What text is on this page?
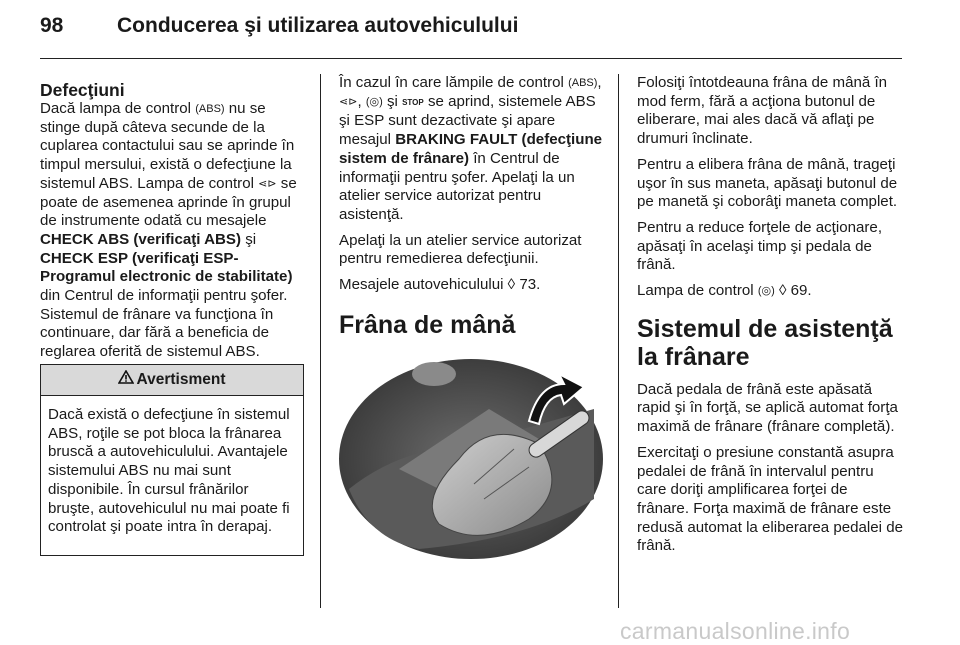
98	Conducerea şi utilizarea autovehiculului
Defecţiuni

Dacă lampa de control (ABS) nu se stinge după câteva secunde de la cuplarea contactului sau se aprinde în timpul mersului, există o defecţiune la sistemul ABS. Lampa de control ⋖⊳ se poate de asemenea aprinde în grupul de instrumente odată cu mesajele CHECK ABS (verificaţi ABS) şi CHECK ESP (verificaţi ESP-Programul electronic de stabilitate) din Centrul de informaţii pentru şofer. Sistemul de frânare va funcţiona în continuare, dar fără a beneficia de reglarea oferită de sistemul ABS.

Avertisment
Dacă există o defecţiune în sistemul ABS, roţile se pot bloca la frânarea bruscă a autovehiculului. Avantajele sistemului ABS nu mai sunt disponibile. În cursul frânărilor bruşte, autovehiculul nu mai poate fi controlat şi poate intra în derapaj.

În cazul în care lămpile de control (ABS), ⋖⊳, (◎) şi STOP se aprind, sistemele ABS şi ESP sunt dezactivate şi apare mesajul BRAKING FAULT (defecţiune sistem de frânare) în Centrul de informaţii pentru şofer. Apelaţi la un atelier service autorizat pentru asistenţă.

Apelaţi la un atelier service autorizat pentru remedierea defecţiunii.

Mesajele autovehiculului ◊ 73.

Frâna de mână

Folosiţi întotdeauna frâna de mână în mod ferm, fără a acţiona butonul de eliberare, mai ales dacă vă aflaţi pe drumuri înclinate.

Pentru a elibera frâna de mână, trageţi uşor în sus maneta, apăsaţi butonul de pe manetă şi coborâţi maneta complet.

Pentru a reduce forţele de acţionare, apăsaţi în acelaşi timp şi pedala de frână.

Lampa de control (◎) ◊ 69.

Sistemul de asistenţă la frânare

Dacă pedala de frână este apăsată rapid şi în forţă, se aplică automat forţa maximă de frânare (frânare completă).

Exercitaţi o presiune constantă asupra pedalei de frână în intervalul pentru care doriţi amplificarea forţei de frânare. Forţa maximă de frânare este redusă automat la eliberarea pedalei de frână.

carmanualsonline.info
